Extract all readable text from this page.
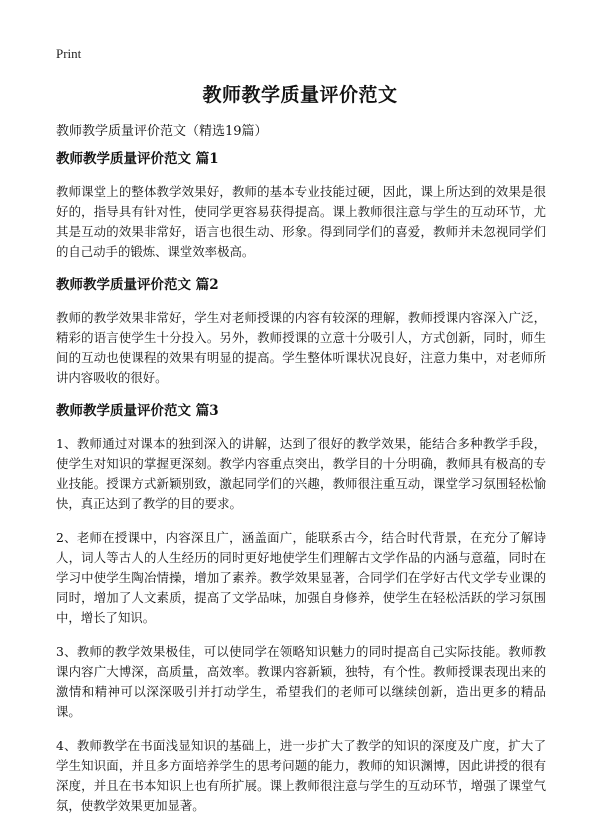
Print
教师教学质量评价范文

教师教学质量评价范文（精选19篇）

教师教学质量评价范文 篇1

教师课堂上的整体教学效果好，教师的基本专业技能过硬，因此，课上所达到的效果是很好的，指导具有针对性，使同学更容易获得提高。课上教师很注意与学生的互动环节，尤其是互动的效果非常好，语言也很生动、形象。得到同学们的喜爱，教师并未忽视同学们的自己动手的锻炼、课堂效率极高。

教师教学质量评价范文 篇2

教师的教学效果非常好，学生对老师授课的内容有较深的理解，教师授课内容深入广泛，精彩的语言使学生十分投入。另外，教师授课的立意十分吸引人，方式创新，同时，师生间的互动也使课程的效果有明显的提高。学生整体听课状况良好，注意力集中，对老师所讲内容吸收的很好。

教师教学质量评价范文 篇3

1、教师通过对课本的独到深入的讲解，达到了很好的教学效果，能结合多种教学手段，使学生对知识的掌握更深刻。教学内容重点突出，教学目的十分明确，教师具有极高的专业技能。授课方式新颖别致，激起同学们的兴趣，教师很注重互动，课堂学习氛围轻松愉快，真正达到了教学的目的要求。

2、老师在授课中，内容深且广，涵盖面广，能联系古今，结合时代背景，在充分了解诗人，词人等古人的人生经历的同时更好地使学生们理解古文学作品的内涵与意蕴，同时在学习中使学生陶冶情操，增加了素养。教学效果显著，合同学们在学好古代文学专业课的同时，增加了人文素质，提高了文学品味，加强自身修养，使学生在轻松活跃的学习氛围中，增长了知识。

3、教师的教学效果极佳，可以使同学在领略知识魅力的同时提高自己实际技能。教师教课内容广大博深，高质量，高效率。教课内容新颖，独特，有个性。教师授课表现出来的激情和精神可以深深吸引并打动学生，希望我们的老师可以继续创新，造出更多的精品课。

4、教师教学在书面浅显知识的基础上，进一步扩大了教学的知识的深度及广度，扩大了学生知识面，并且多方面培养学生的思考问题的能力，教师的知识渊博，因此讲授的很有深度，并且在书本知识上也有所扩展。课上教师很注意与学生的互动环节，增强了课堂气氛，使教学效果更加显著。
